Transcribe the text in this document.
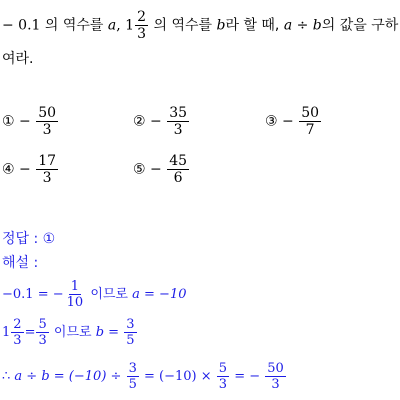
− 0.1 의 역수를 a, $1 \frac{2}{3}$ 의 역수를 b라 할 때, a ÷ b의 값을 구하
여라.
① − $\frac{50}{3}$	② − $\frac{35}{3}$	③ − $\frac{50}{7}$
④ − $\frac{17}{3}$	⑤ − $\frac{45}{6}$
정답 : ①
해설 :
−0.1 = − $\frac{1}{10}$ 이므로 a = −10
$1 \frac{2}{3} = \frac{5}{3}$ 이므로 $b = \frac{3}{5}$
∴ $a \div b = (-10) \div \frac{3}{5} = (-10) \times \frac{5}{3}$ = − $\frac{50}{3}$
